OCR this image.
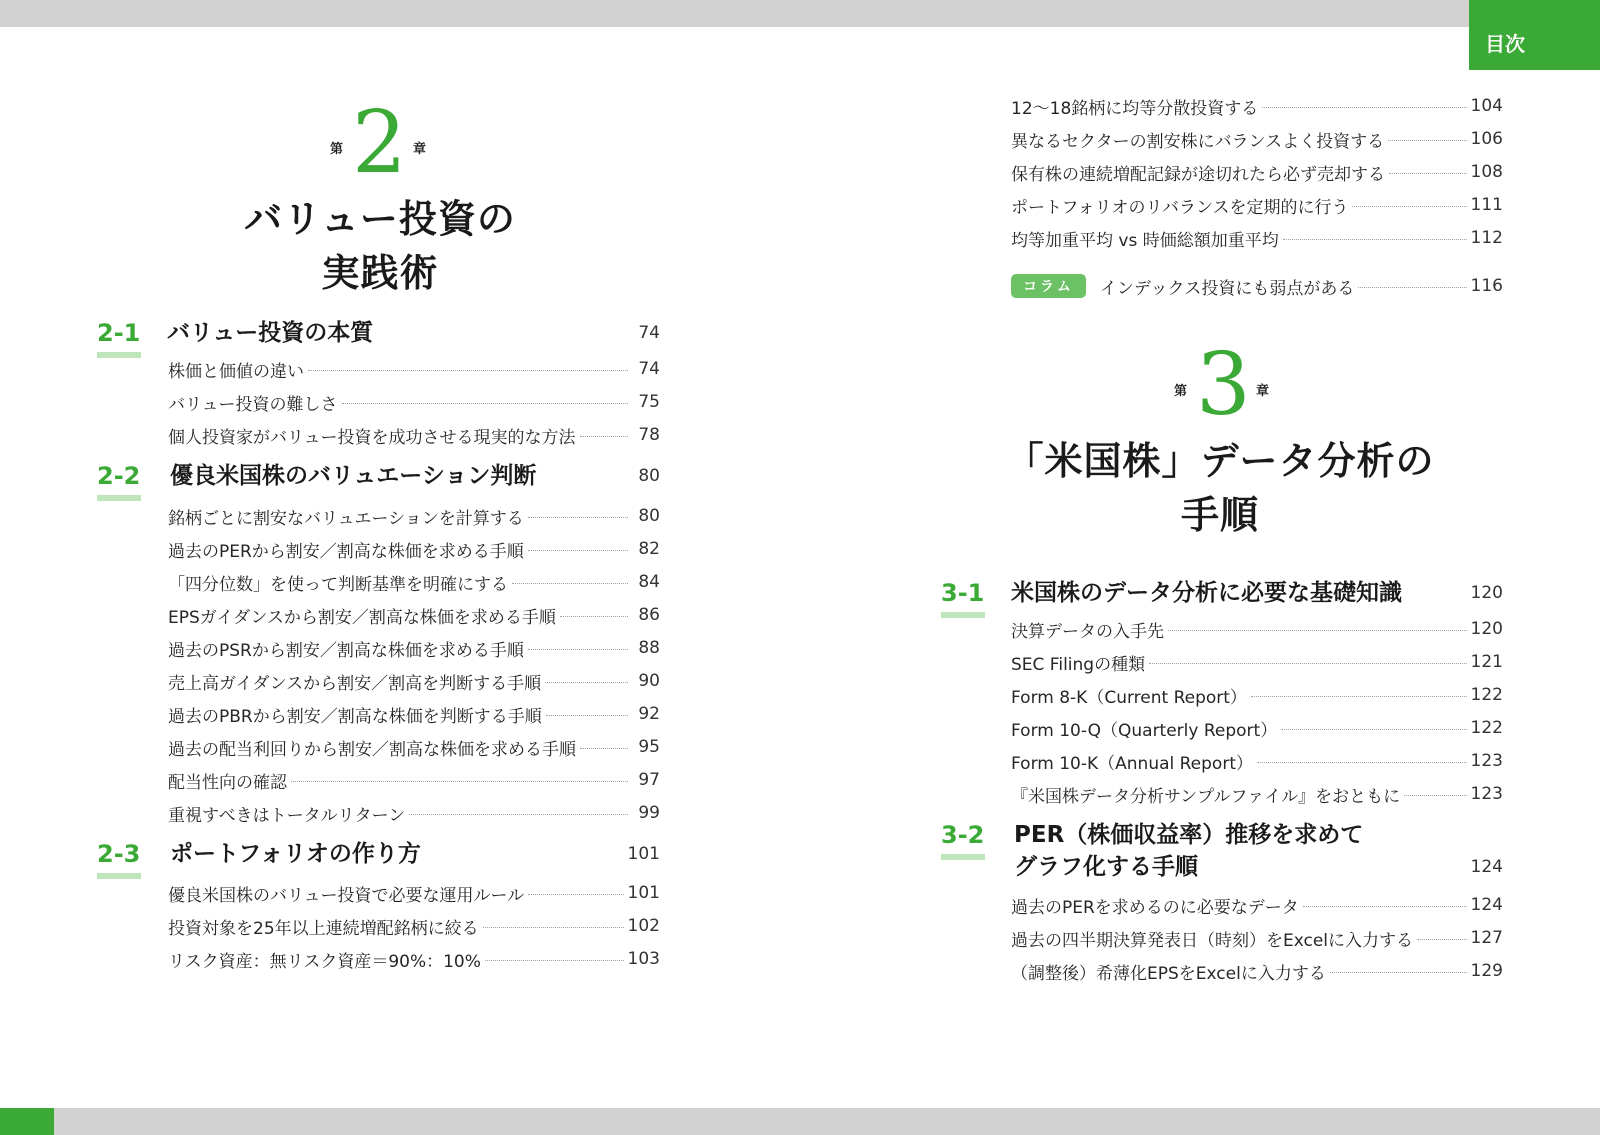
目次
第 2 章
バリュー投資の
実践術
2-1 バリュー投資の本質	74
株価と価値の違い	74
バリュー投資の難しさ	75
個人投資家がバリュー投資を成功させる現実的な方法	78
2-2 優良米国株のバリュエーション判断	80
銘柄ごとに割安なバリュエーションを計算する	80
過去のPERから割安／割高な株価を求める手順	82
「四分位数」を使って判断基準を明確にする	84
EPSガイダンスから割安／割高な株価を求める手順	86
過去のPSRから割安／割高な株価を求める手順	88
売上高ガイダンスから割安／割高を判断する手順	90
過去のPBRから割安／割高な株価を判断する手順	92
過去の配当利回りから割安／割高な株価を求める手順	95
配当性向の確認	97
重視すべきはトータルリターン	99
2-3 ポートフォリオの作り方	101
優良米国株のバリュー投資で必要な運用ルール	101
投資対象を25年以上連続増配銘柄に絞る	102
リスク資産：無リスク資産＝90%：10%	103
12～18銘柄に均等分散投資する	104
異なるセクターの割安株にバランスよく投資する	106
保有株の連続増配記録が途切れたら必ず売却する	108
ポートフォリオのリバランスを定期的に行う	111
均等加重平均 vs 時価総額加重平均	112
コラム	インデックス投資にも弱点がある	116
第 3 章
「米国株」データ分析の
手順
3-1 米国株のデータ分析に必要な基礎知識	120
決算データの入手先	120
SEC Filingの種類	121
Form 8-K（Current Report）	122
Form 10-Q（Quarterly Report）	122
Form 10-K（Annual Report）	123
『米国株データ分析サンプルファイル』をおともに	123
3-2 PER（株価収益率）推移を求めて
グラフ化する手順	124
過去のPERを求めるのに必要なデータ	124
過去の四半期決算発表日（時刻）をExcelに入力する	127
（調整後）希薄化EPSをExcelに入力する	129
